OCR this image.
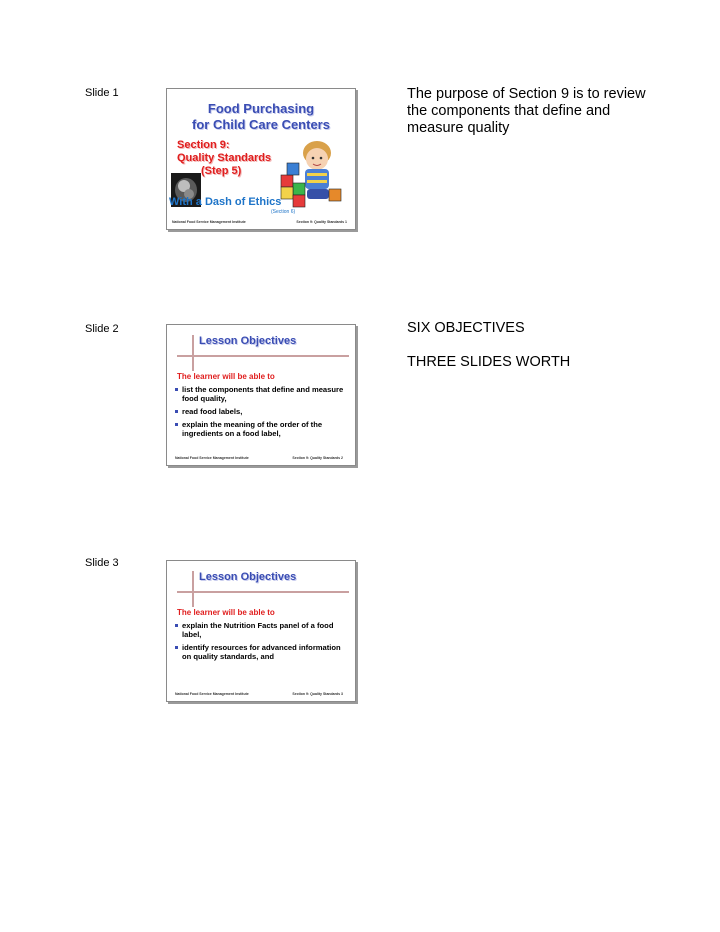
Slide 1
Food Purchasing
for Child Care Centers
Section 9:
Quality Standards
(Step 5)
With a Dash of Ethics
(Section 6)
National Food Service Management Institute	Section 9: Quality Standards 1

The purpose of Section 9 is to review the components that define and measure quality

Slide 2
Lesson Objectives
The learner will be able to
list the components that define and measure food quality,
read food labels,
explain the meaning of the order of the ingredients on a food label,
National Food Service Management Institute	Section 9: Quality Standards 2

SIX OBJECTIVES

THREE SLIDES WORTH

Slide 3
Lesson Objectives
The learner will be able to
explain the Nutrition Facts panel of a food label,
identify resources for advanced information on quality standards, and
National Food Service Management Institute	Section 9: Quality Standards 3
